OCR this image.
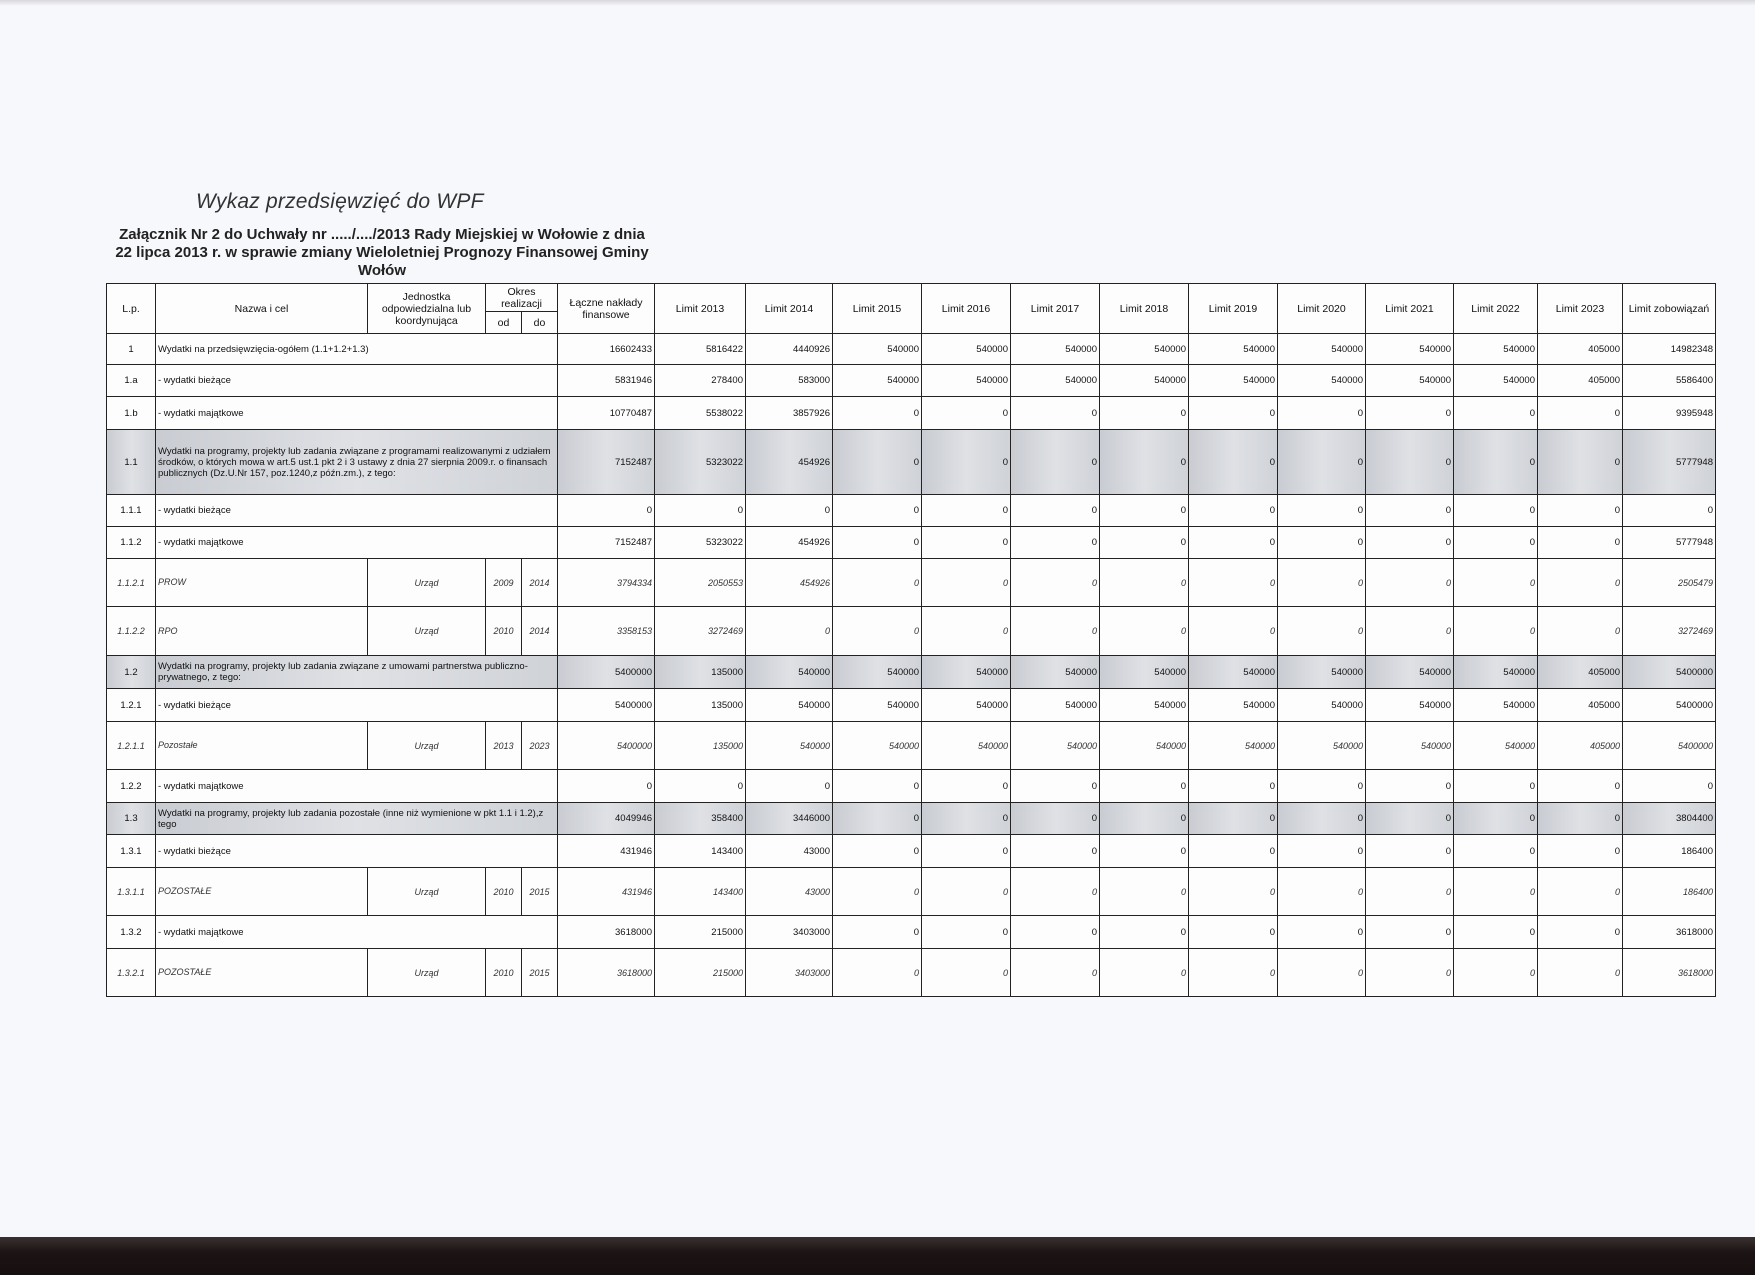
Wykaz przedsięwzięć do WPF
Załącznik Nr 2 do Uchwały nr ...../..../2013 Rady Miejskiej w Wołowie z dnia 22 lipca 2013 r. w sprawie zmiany Wieloletniej Prognozy Finansowej Gminy Wołów
L.p.	Nazwa i cel	Jednostka odpowiedzialna lub koordynująca	Okres realizacji		Łączne nakłady finansowe	Limit 2013	Limit 2014	Limit 2015	Limit 2016	Limit 2017	Limit 2018	Limit 2019	Limit 2020	Limit 2021	Limit 2022	Limit 2023	Limit zobowiązań
			od	do													
1	Wydatki na przedsięwzięcia-ogółem (1.1+1.2+1.3)				16602433	5816422	4440926	540000	540000	540000	540000	540000	540000	540000	540000	405000	14982348
1.a	- wydatki bieżące				5831946	278400	583000	540000	540000	540000	540000	540000	540000	540000	540000	405000	5586400
1.b	- wydatki majątkowe				10770487	5538022	3857926	0	0	0	0	0	0	0	0	0	9395948
1.1	Wydatki na programy, projekty lub zadania związane z programami realizowanymi z udziałem środków, o których mowa w art.5 ust.1 pkt 2 i 3 ustawy z dnia 27 sierpnia 2009.r. o finansach publicznych (Dz.U.Nr 157, poz.1240,z późn.zm.), z tego:				7152487	5323022	454926	0	0	0	0	0	0	0	0	0	5777948
1.1.1	- wydatki bieżące				0	0	0	0	0	0	0	0	0	0	0	0	0
1.1.2	- wydatki majątkowe				7152487	5323022	454926	0	0	0	0	0	0	0	0	0	5777948
1.1.2.1	PROW	Urząd	2009	2014	3794334	2050553	454926	0	0	0	0	0	0	0	0	0	2505479
1.1.2.2	RPO	Urząd	2010	2014	3358153	3272469	0	0	0	0	0	0	0	0	0	0	3272469
1.2	Wydatki na programy, projekty lub zadania związane z umowami partnerstwa publiczno-prywatnego, z tego:				5400000	135000	540000	540000	540000	540000	540000	540000	540000	540000	540000	405000	5400000
1.2.1	- wydatki bieżące				5400000	135000	540000	540000	540000	540000	540000	540000	540000	540000	540000	405000	5400000
1.2.1.1	Pozostałe	Urząd	2013	2023	5400000	135000	540000	540000	540000	540000	540000	540000	540000	540000	540000	405000	5400000
1.2.2	- wydatki majątkowe				0	0	0	0	0	0	0	0	0	0	0	0	0
1.3	Wydatki na programy, projekty lub zadania pozostałe (inne niż wymienione w pkt 1.1 i 1.2),z tego				4049946	358400	3446000	0	0	0	0	0	0	0	0	0	3804400
1.3.1	- wydatki bieżące				431946	143400	43000	0	0	0	0	0	0	0	0	0	186400
1.3.1.1	POZOSTAŁE	Urząd	2010	2015	431946	143400	43000	0	0	0	0	0	0	0	0	0	186400
1.3.2	- wydatki majątkowe				3618000	215000	3403000	0	0	0	0	0	0	0	0	0	3618000
1.3.2.1	POZOSTAŁE	Urząd	2010	2015	3618000	215000	3403000	0	0	0	0	0	0	0	0	0	3618000
